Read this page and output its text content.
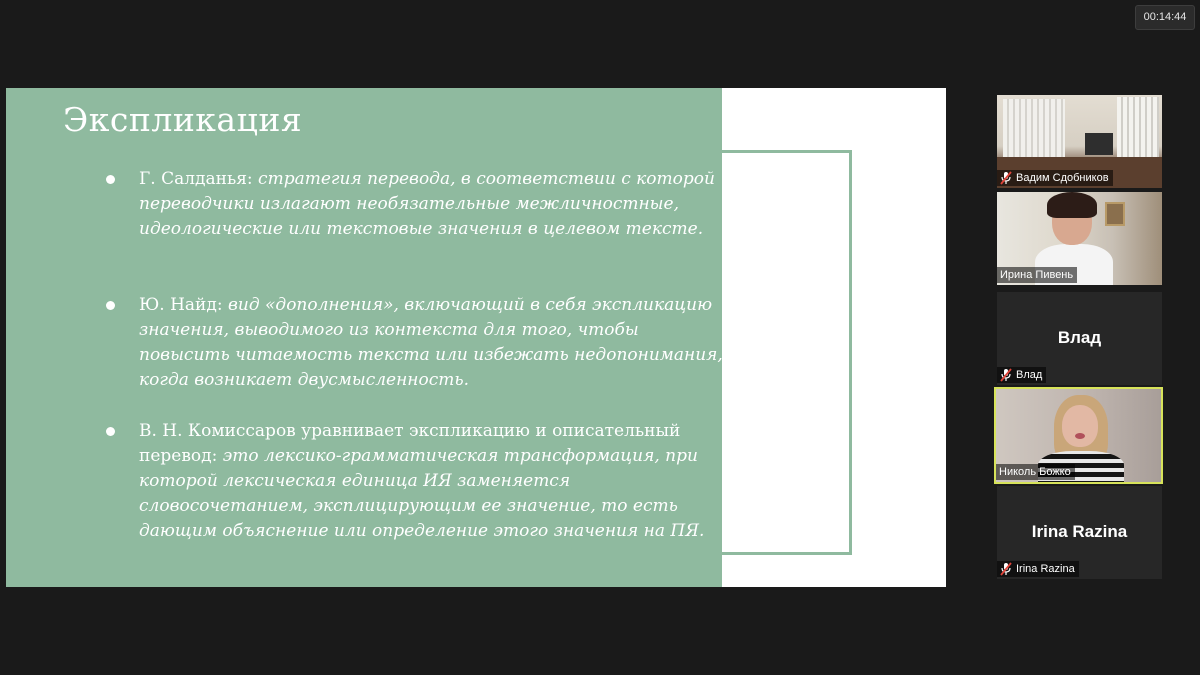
00:14:44
Экспликация
Г. Салданья: стратегия перевода, в соответствии с которой переводчики излагают необязательные межличностные, идеологические или текстовые значения в целевом тексте.
Ю. Найд: вид «дополнения», включающий в себя экспликацию значения, выводимого из контекста для того, чтобы повысить читаемость текста или избежать недопонимания, когда возникает двусмысленность.
В. Н. Комиссаров уравнивает экспликацию и описательный перевод: это лексико-грамматическая трансформация, при которой лексическая единица ИЯ заменяется словосочетанием, эксплицирующим ее значение, то есть дающим объяснение или определение этого значения на ПЯ.
Вадим Сдобников
Ирина Пивень
Влад
Влад
Николь Божко
Irina Razina
Irina Razina
